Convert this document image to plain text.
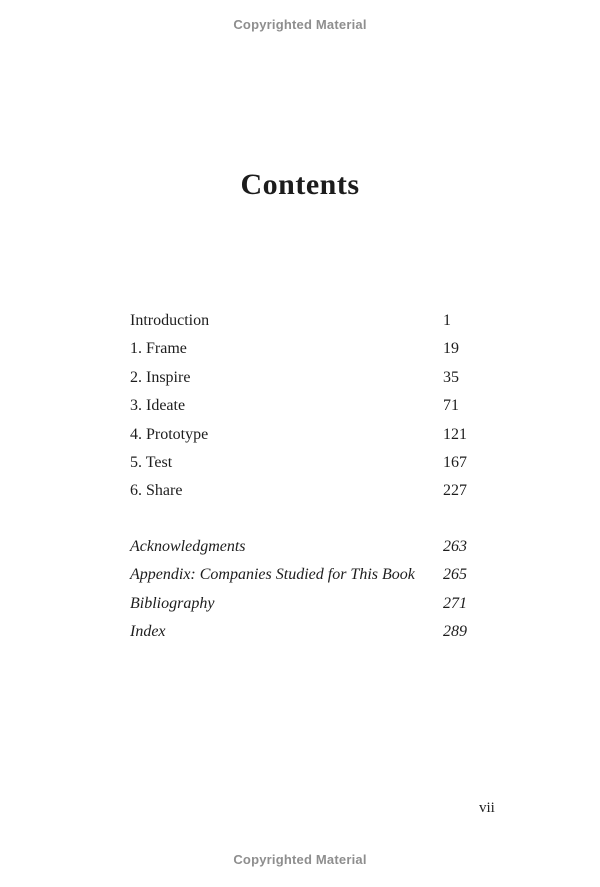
Copyrighted Material
Contents
Introduction	1
1. Frame	19
2. Inspire	35
3. Ideate	71
4. Prototype	121
5. Test	167
6. Share	227
Acknowledgments	263
Appendix: Companies Studied for This Book	265
Bibliography	271
Index	289
vii
Copyrighted Material
